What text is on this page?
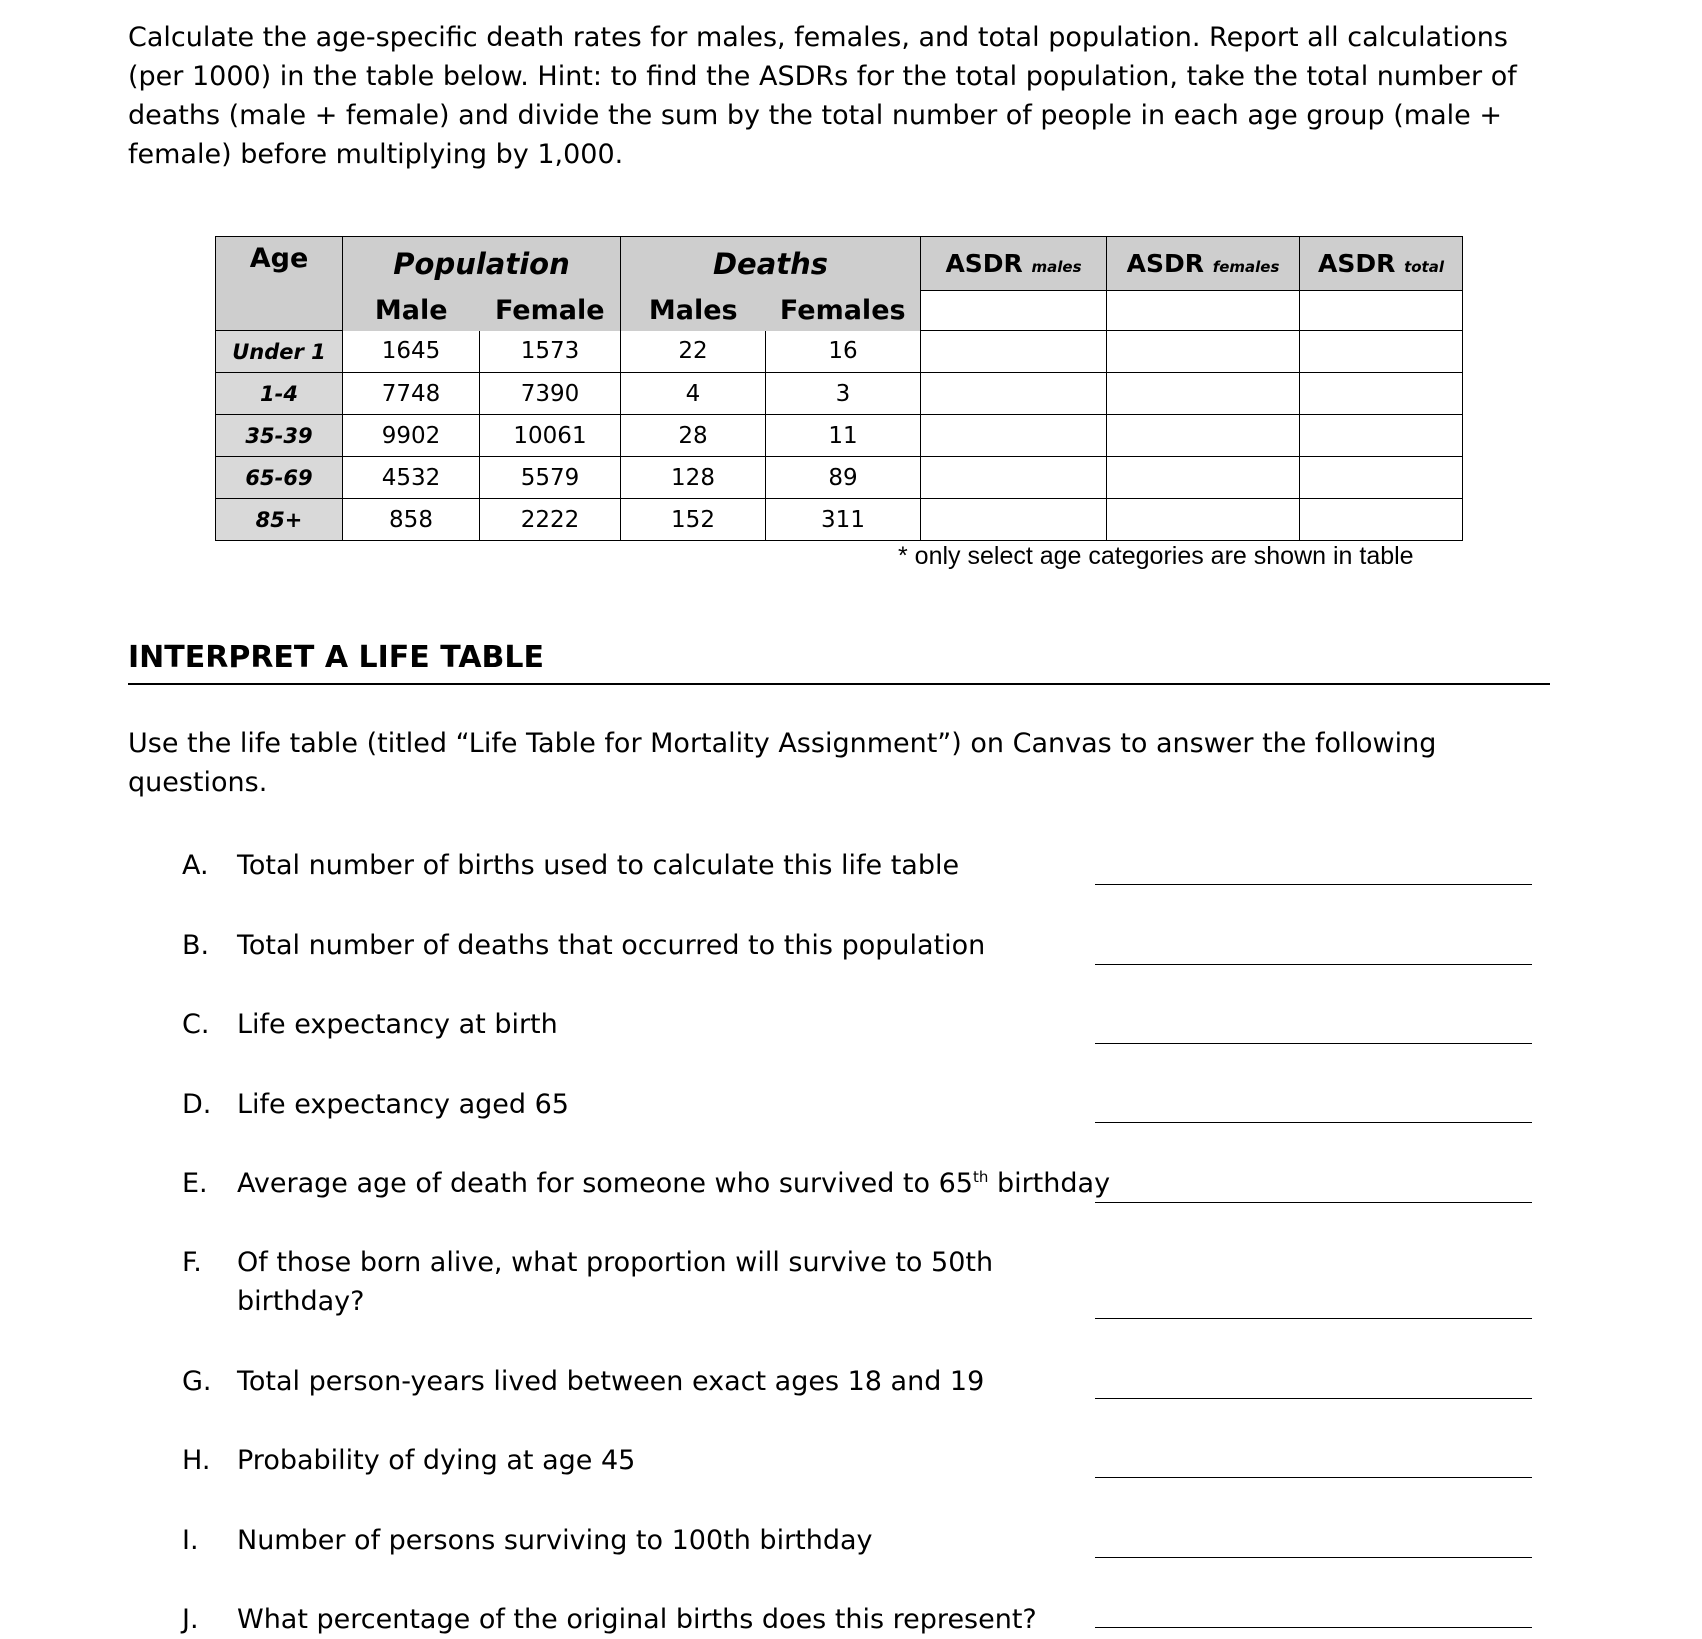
Calculate the age-specific death rates for males, females, and total population. Report all calculations (per 1000) in the table below. Hint: to find the ASDRs for the total population, take the total number of deaths (male + female) and divide the sum by the total number of people in each age group (male + female) before multiplying by 1,000.

Age	Population		Deaths		ASDR males	ASDR females	ASDR total
	Male	Female	Males	Females			
Under 1	1645	1573	22	16			
1-4	7748	7390	4	3			
35-39	9902	10061	28	11			
65-69	4532	5579	128	89			
85+	858	2222	152	311			
* only select age categories are shown in table
INTERPRET A LIFE TABLE

Use the life table (titled “Life Table for Mortality Assignment”) on Canvas to answer the following questions.

A. Total number of births used to calculate this life table
B. Total number of deaths that occurred to this population
C. Life expectancy at birth
D. Life expectancy aged 65
E. Average age of death for someone who survived to 65th birthday
F. Of those born alive, what proportion will survive to 50th birthday?
G. Total person-years lived between exact ages 18 and 19
H. Probability of dying at age 45
I. Number of persons surviving to 100th birthday
J. What percentage of the original births does this represent?
